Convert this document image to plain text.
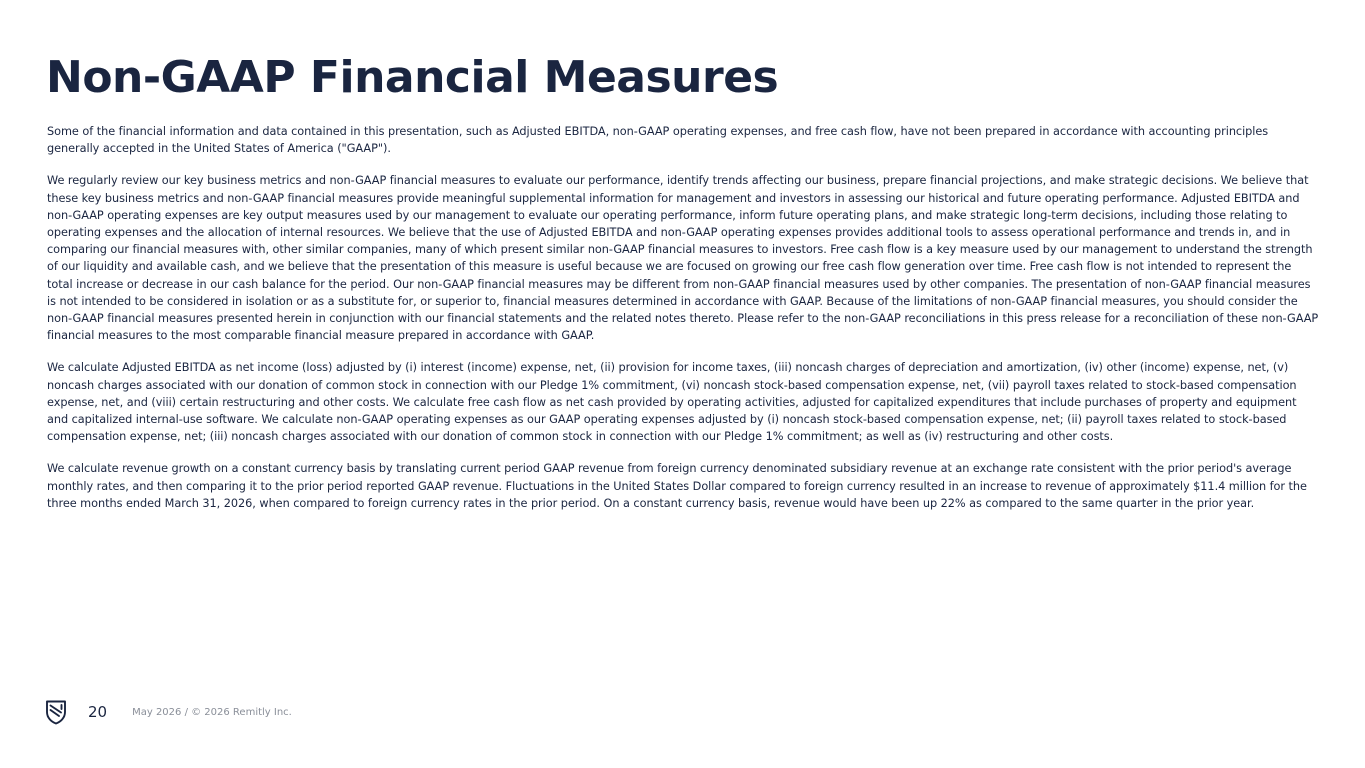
Non-GAAP Financial Measures

Some of the financial information and data contained in this presentation, such as Adjusted EBITDA, non-GAAP operating expenses, and free cash flow, have not been prepared in accordance with accounting principles generally accepted in the United States of America ("GAAP").

We regularly review our key business metrics and non-GAAP financial measures to evaluate our performance, identify trends affecting our business, prepare financial projections, and make strategic decisions. We believe that these key business metrics and non-GAAP financial measures provide meaningful supplemental information for management and investors in assessing our historical and future operating performance. Adjusted EBITDA and non-GAAP operating expenses are key output measures used by our management to evaluate our operating performance, inform future operating plans, and make strategic long-term decisions, including those relating to operating expenses and the allocation of internal resources. We believe that the use of Adjusted EBITDA and non-GAAP operating expenses provides additional tools to assess operational performance and trends in, and in comparing our financial measures with, other similar companies, many of which present similar non-GAAP financial measures to investors. Free cash flow is a key measure used by our management to understand the strength of our liquidity and available cash, and we believe that the presentation of this measure is useful because we are focused on growing our free cash flow generation over time. Free cash flow is not intended to represent the total increase or decrease in our cash balance for the period. Our non-GAAP financial measures may be different from non-GAAP financial measures used by other companies. The presentation of non-GAAP financial measures is not intended to be considered in isolation or as a substitute for, or superior to, financial measures determined in accordance with GAAP. Because of the limitations of non-GAAP financial measures, you should consider the non-GAAP financial measures presented herein in conjunction with our financial statements and the related notes thereto. Please refer to the non-GAAP reconciliations in this press release for a reconciliation of these non-GAAP financial measures to the most comparable financial measure prepared in accordance with GAAP.

We calculate Adjusted EBITDA as net income (loss) adjusted by (i) interest (income) expense, net, (ii) provision for income taxes, (iii) noncash charges of depreciation and amortization, (iv) other (income) expense, net, (v) noncash charges associated with our donation of common stock in connection with our Pledge 1% commitment, (vi) noncash stock-based compensation expense, net, (vii) payroll taxes related to stock-based compensation expense, net, and (viii) certain restructuring and other costs. We calculate free cash flow as net cash provided by operating activities, adjusted for capitalized expenditures that include purchases of property and equipment and capitalized internal-use software. We calculate non-GAAP operating expenses as our GAAP operating expenses adjusted by (i) noncash stock-based compensation expense, net; (ii) payroll taxes related to stock-based compensation expense, net; (iii) noncash charges associated with our donation of common stock in connection with our Pledge 1% commitment; as well as (iv) restructuring and other costs.

We calculate revenue growth on a constant currency basis by translating current period GAAP revenue from foreign currency denominated subsidiary revenue at an exchange rate consistent with the prior period's average monthly rates, and then comparing it to the prior period reported GAAP revenue. Fluctuations in the United States Dollar compared to foreign currency resulted in an increase to revenue of approximately $11.4 million for the three months ended March 31, 2026, when compared to foreign currency rates in the prior period. On a constant currency basis, revenue would have been up 22% as compared to the same quarter in the prior year.

20	May 2026 / © 2026 Remitly Inc.
